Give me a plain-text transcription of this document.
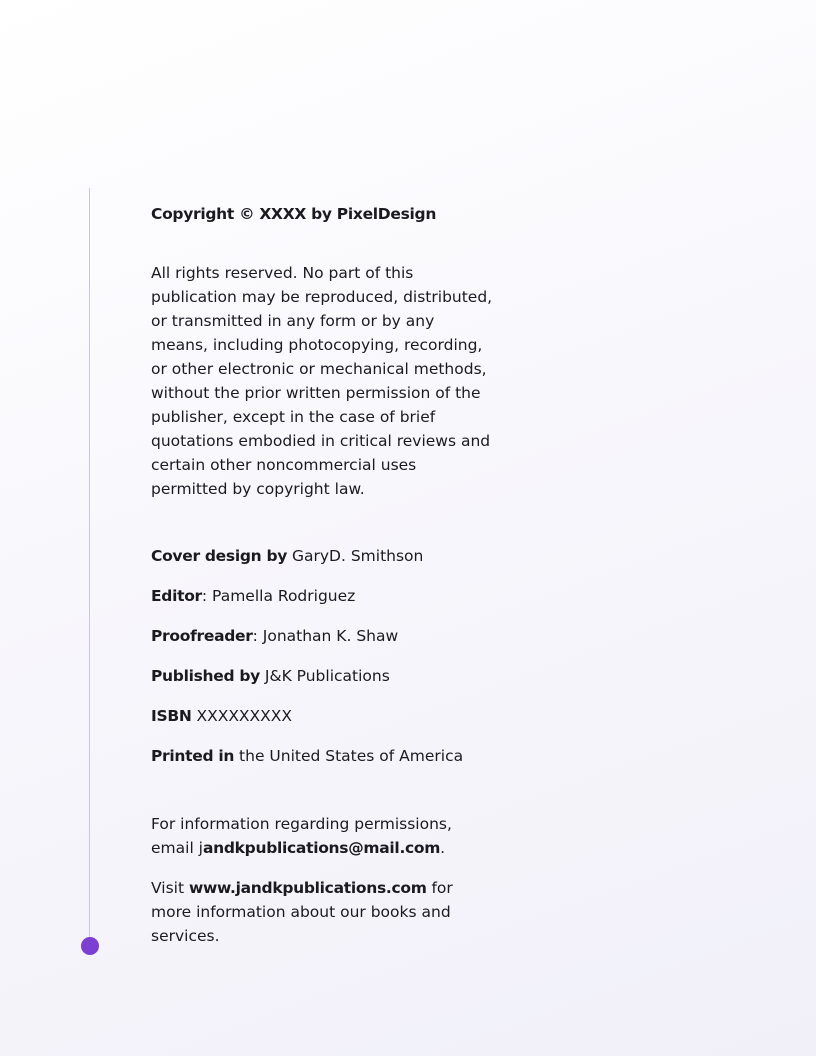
Copyright © XXXX by PixelDesign

All rights reserved. No part of this publication may be reproduced, distributed, or transmitted in any form or by any means, including photocopying, recording, or other electronic or mechanical methods, without the prior written permission of the publisher, except in the case of brief quotations embodied in critical reviews and certain other noncommercial uses permitted by copyright law.

Cover design by GaryD. Smithson

Editor: Pamella Rodriguez

Proofreader: Jonathan K. Shaw

Published by J&K Publications

ISBN XXXXXXXXX

Printed in the United States of America

For information regarding permissions, email jandkpublications@mail.com.

Visit www.jandkpublications.com for more information about our books and services.
